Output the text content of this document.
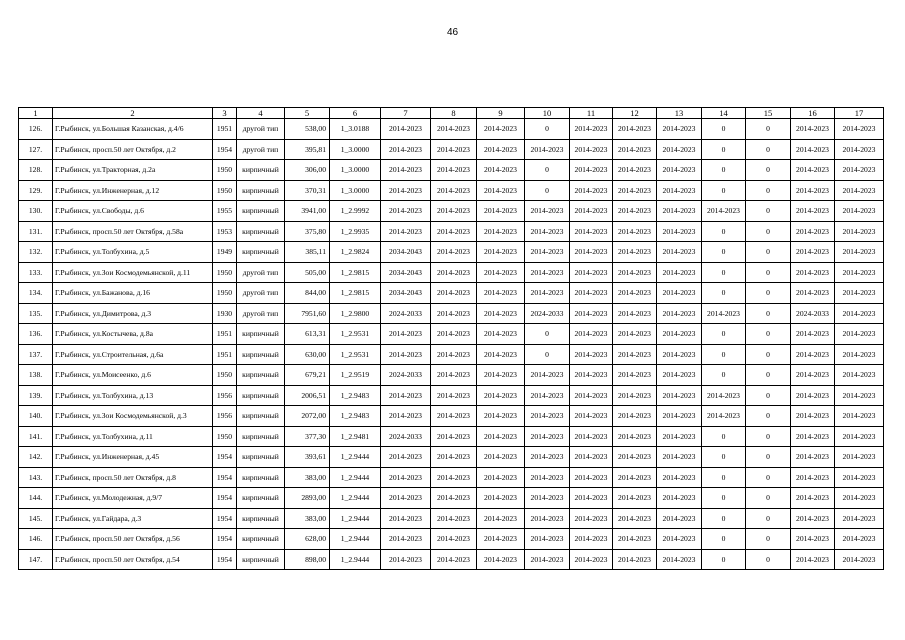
46
1	2	3	4	5	6	7	8	9	10	11	12	13	14	15	16	17
126.	Г.Рыбинск, ул.Большая Казанская, д.4/6	1951	другой тип	538,00	1_3.0188	2014-2023	2014-2023	2014-2023	0	2014-2023	2014-2023	2014-2023	0	0	2014-2023	2014-2023
127.	Г.Рыбинск, просп.50 лет Октября, д.2	1954	другой тип	395,81	1_3.0000	2014-2023	2014-2023	2014-2023	2014-2023	2014-2023	2014-2023	2014-2023	0	0	2014-2023	2014-2023
128.	Г.Рыбинск, ул.Тракторная, д.2а	1950	кирпичный	306,00	1_3.0000	2014-2023	2014-2023	2014-2023	0	2014-2023	2014-2023	2014-2023	0	0	2014-2023	2014-2023
129.	Г.Рыбинск, ул.Инженерная, д.12	1950	кирпичный	370,31	1_3.0000	2014-2023	2014-2023	2014-2023	0	2014-2023	2014-2023	2014-2023	0	0	2014-2023	2014-2023
130.	Г.Рыбинск, ул.Свободы, д.6	1955	кирпичный	3941,00	1_2.9992	2014-2023	2014-2023	2014-2023	2014-2023	2014-2023	2014-2023	2014-2023	2014-2023	0	2014-2023	2014-2023
131.	Г.Рыбинск, просп.50 лет Октября, д.58а	1953	кирпичный	375,80	1_2.9935	2014-2023	2014-2023	2014-2023	2014-2023	2014-2023	2014-2023	2014-2023	0	0	2014-2023	2014-2023
132.	Г.Рыбинск, ул.Толбухина, д.5	1949	кирпичный	385,11	1_2.9824	2034-2043	2014-2023	2014-2023	2014-2023	2014-2023	2014-2023	2014-2023	0	0	2014-2023	2014-2023
133.	Г.Рыбинск, ул.Зои Космодемьянской, д.11	1950	другой тип	505,00	1_2.9815	2034-2043	2014-2023	2014-2023	2014-2023	2014-2023	2014-2023	2014-2023	0	0	2014-2023	2014-2023
134.	Г.Рыбинск, ул.Бажанова, д.16	1950	другой тип	844,00	1_2.9815	2034-2043	2014-2023	2014-2023	2014-2023	2014-2023	2014-2023	2014-2023	0	0	2014-2023	2014-2023
135.	Г.Рыбинск, ул.Димитрова, д.3	1930	другой тип	7951,60	1_2.9800	2024-2033	2014-2023	2014-2023	2024-2033	2014-2023	2014-2023	2014-2023	2014-2023	0	2024-2033	2014-2023
136.	Г.Рыбинск, ул.Костычева, д.8а	1951	кирпичный	613,31	1_2.9531	2014-2023	2014-2023	2014-2023	0	2014-2023	2014-2023	2014-2023	0	0	2014-2023	2014-2023
137.	Г.Рыбинск, ул.Строительная, д.6а	1951	кирпичный	630,00	1_2.9531	2014-2023	2014-2023	2014-2023	0	2014-2023	2014-2023	2014-2023	0	0	2014-2023	2014-2023
138.	Г.Рыбинск, ул.Моисеенко, д.6	1950	кирпичный	679,21	1_2.9519	2024-2033	2014-2023	2014-2023	2014-2023	2014-2023	2014-2023	2014-2023	0	0	2014-2023	2014-2023
139.	Г.Рыбинск, ул.Толбухина, д.13	1956	кирпичный	2006,51	1_2.9483	2014-2023	2014-2023	2014-2023	2014-2023	2014-2023	2014-2023	2014-2023	2014-2023	0	2014-2023	2014-2023
140.	Г.Рыбинск, ул.Зои Космодемьянской, д.3	1956	кирпичный	2072,00	1_2.9483	2014-2023	2014-2023	2014-2023	2014-2023	2014-2023	2014-2023	2014-2023	2014-2023	0	2014-2023	2014-2023
141.	Г.Рыбинск, ул.Толбухина, д.11	1950	кирпичный	377,30	1_2.9481	2024-2033	2014-2023	2014-2023	2014-2023	2014-2023	2014-2023	2014-2023	0	0	2014-2023	2014-2023
142.	Г.Рыбинск, ул.Инженерная, д.45	1954	кирпичный	393,61	1_2.9444	2014-2023	2014-2023	2014-2023	2014-2023	2014-2023	2014-2023	2014-2023	0	0	2014-2023	2014-2023
143.	Г.Рыбинск, просп.50 лет Октября, д.8	1954	кирпичный	383,00	1_2.9444	2014-2023	2014-2023	2014-2023	2014-2023	2014-2023	2014-2023	2014-2023	0	0	2014-2023	2014-2023
144.	Г.Рыбинск, ул.Молодежная, д.9/7	1954	кирпичный	2893,00	1_2.9444	2014-2023	2014-2023	2014-2023	2014-2023	2014-2023	2014-2023	2014-2023	0	0	2014-2023	2014-2023
145.	Г.Рыбинск, ул.Гайдара, д.3	1954	кирпичный	383,00	1_2.9444	2014-2023	2014-2023	2014-2023	2014-2023	2014-2023	2014-2023	2014-2023	0	0	2014-2023	2014-2023
146.	Г.Рыбинск, просп.50 лет Октября, д.56	1954	кирпичный	628,00	1_2.9444	2014-2023	2014-2023	2014-2023	2014-2023	2014-2023	2014-2023	2014-2023	0	0	2014-2023	2014-2023
147.	Г.Рыбинск, просп.50 лет Октября, д.54	1954	кирпичный	898,00	1_2.9444	2014-2023	2014-2023	2014-2023	2014-2023	2014-2023	2014-2023	2014-2023	0	0	2014-2023	2014-2023
